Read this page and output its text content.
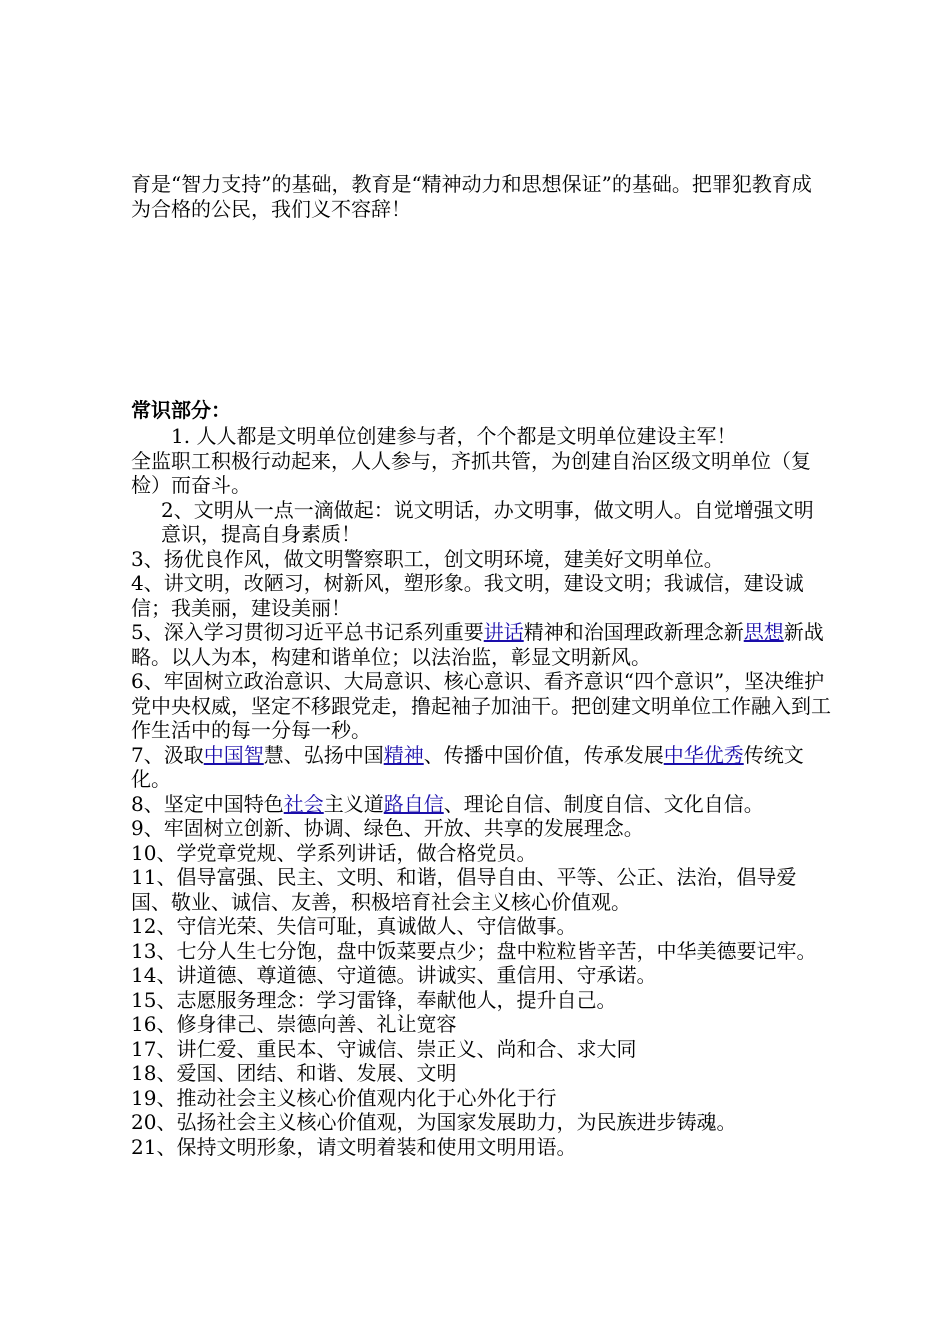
育是“智力支持”的基础，教育是“精神动力和思想保证”的基础。把罪犯教育成为合格的公民，我们义不容辞！

常识部分：

1. 人人都是文明单位创建参与者，个个都是文明单位建设主军！

全监职工积极行动起来，人人参与，齐抓共管，为创建自治区级文明单位（复检）而奋斗。

2、文明从一点一滴做起：说文明话，办文明事，做文明人。自觉增强文明意识，提高自身素质！

3、扬优良作风，做文明警察职工，创文明环境，建美好文明单位。

4、讲文明，改陋习，树新风，塑形象。我文明，建设文明；我诚信，建设诚信；我美丽，建设美丽！

5、深入学习贯彻习近平总书记系列重要讲话精神和治国理政新理念新思想新战略。以人为本，构建和谐单位；以法治监，彰显文明新风。

6、牢固树立政治意识、大局意识、核心意识、看齐意识“四个意识”，坚决维护党中央权威，坚定不移跟党走，撸起袖子加油干。把创建文明单位工作融入到工作生活中的每一分每一秒。

7、汲取中国智慧、弘扬中国精神、传播中国价值，传承发展中华优秀传统文化。

8、坚定中国特色社会主义道路自信、理论自信、制度自信、文化自信。

9、牢固树立创新、协调、绿色、开放、共享的发展理念。

10、学党章党规、学系列讲话，做合格党员。

11、倡导富强、民主、文明、和谐，倡导自由、平等、公正、法治，倡导爱国、敬业、诚信、友善，积极培育社会主义核心价值观。

12、守信光荣、失信可耻，真诚做人、守信做事。

13、七分人生七分饱，盘中饭菜要点少；盘中粒粒皆辛苦，中华美德要记牢。

14、讲道德、尊道德、守道德。讲诚实、重信用、守承诺。

15、志愿服务理念：学习雷锋，奉献他人，提升自己。

16、修身律己、崇德向善、礼让宽容

17、讲仁爱、重民本、守诚信、崇正义、尚和合、求大同

18、爱国、团结、和谐、发展、文明

19、推动社会主义核心价值观内化于心外化于行

20、弘扬社会主义核心价值观，为国家发展助力，为民族进步铸魂。

21、保持文明形象，请文明着装和使用文明用语。
